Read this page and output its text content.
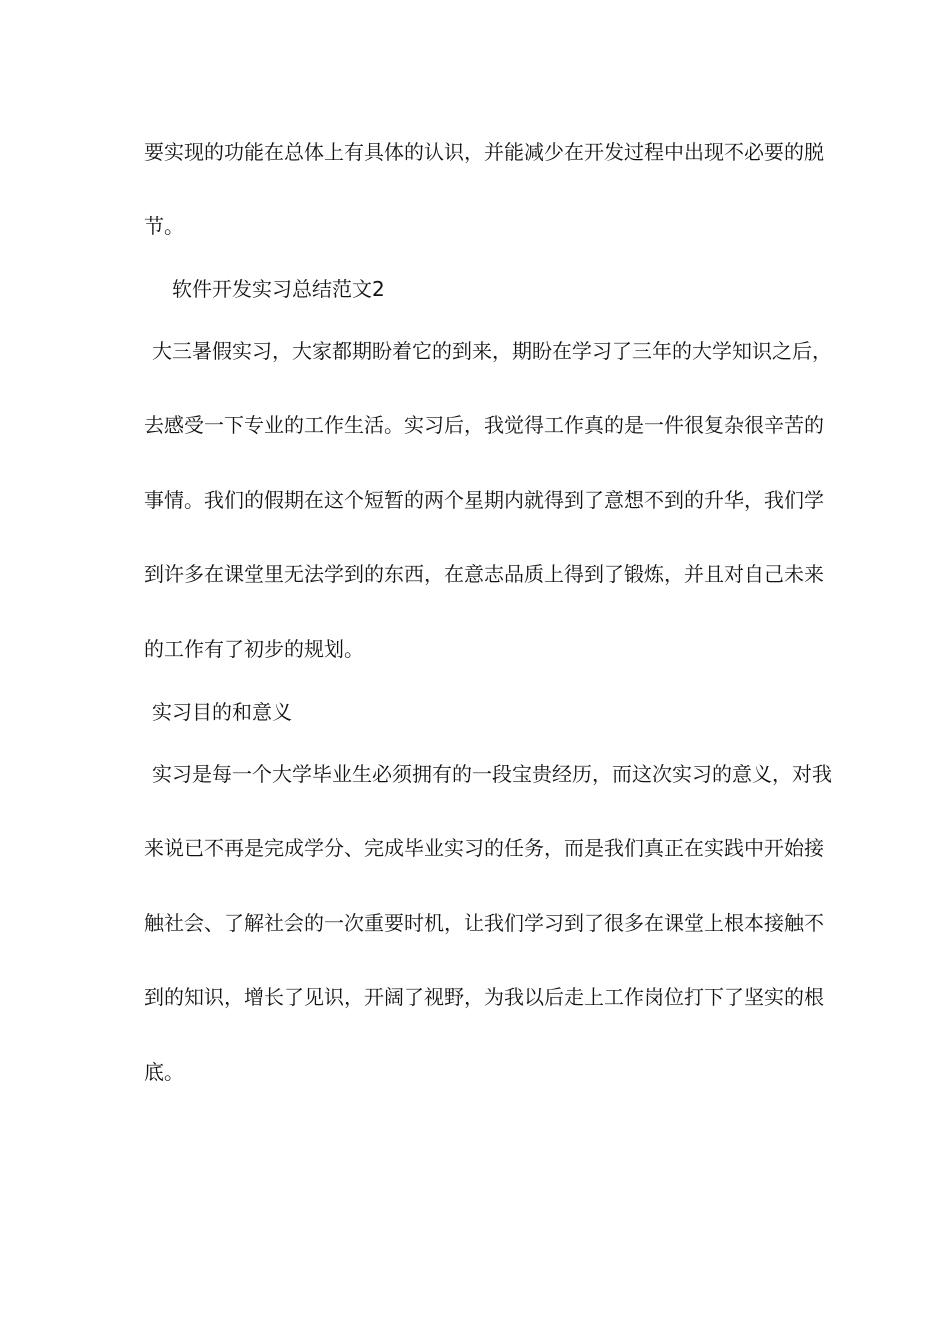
要实现的功能在总体上有具体的认识，并能减少在开发过程中出现不必要的脱
节。
软件开发实习总结范文2
大三暑假实习，大家都期盼着它的到来，期盼在学习了三年的大学知识之后，
去感受一下专业的工作生活。实习后，我觉得工作真的是一件很复杂很辛苦的
事情。我们的假期在这个短暂的两个星期内就得到了意想不到的升华，我们学
到许多在课堂里无法学到的东西，在意志品质上得到了锻炼，并且对自己未来
的工作有了初步的规划。
实习目的和意义
实习是每一个大学毕业生必须拥有的一段宝贵经历，而这次实习的意义，对我
来说已不再是完成学分、完成毕业实习的任务，而是我们真正在实践中开始接
触社会、了解社会的一次重要时机，让我们学习到了很多在课堂上根本接触不
到的知识，增长了见识，开阔了视野，为我以后走上工作岗位打下了坚实的根
底。
